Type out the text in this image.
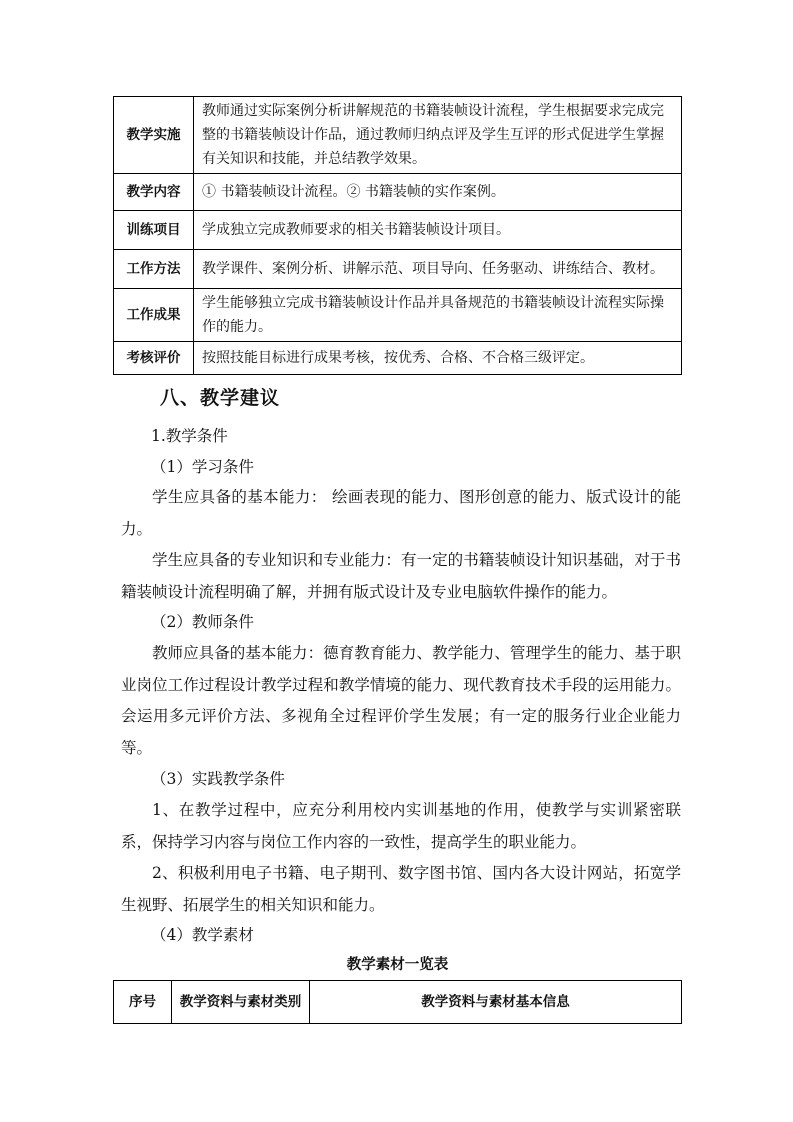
教学实施	教师通过实际案例分析讲解规范的书籍装帧设计流程，学生根据要求完成完整的书籍装帧设计作品，通过教师归纳点评及学生互评的形式促进学生掌握有关知识和技能，并总结教学效果。
教学内容	① 书籍装帧设计流程。② 书籍装帧的实作案例。
训练项目	学成独立完成教师要求的相关书籍装帧设计项目。
工作方法	教学课件、案例分析、讲解示范、项目导向、任务驱动、讲练结合、教材。
工作成果	学生能够独立完成书籍装帧设计作品并具备规范的书籍装帧设计流程实际操作的能力。
考核评价	按照技能目标进行成果考核，按优秀、合格、不合格三级评定。
八、教学建议
1.教学条件
（1）学习条件

学生应具备的基本能力： 绘画表现的能力、图形创意的能力、版式设计的能力。

学生应具备的专业知识和专业能力：有一定的书籍装帧设计知识基础，对于书籍装帧设计流程明确了解，并拥有版式设计及专业电脑软件操作的能力。

（2）教师条件

教师应具备的基本能力：德育教育能力、教学能力、管理学生的能力、基于职业岗位工作过程设计教学过程和教学情境的能力、现代教育技术手段的运用能力。会运用多元评价方法、多视角全过程评价学生发展；有一定的服务行业企业能力等。

（3）实践教学条件

1、在教学过程中，应充分利用校内实训基地的作用，使教学与实训紧密联系，保持学习内容与岗位工作内容的一致性，提高学生的职业能力。

2、积极利用电子书籍、电子期刊、数字图书馆、国内各大设计网站，拓宽学生视野、拓展学生的相关知识和能力。

（4）教学素材
教学素材一览表
序号	教学资料与素材类别	教学资料与素材基本信息
